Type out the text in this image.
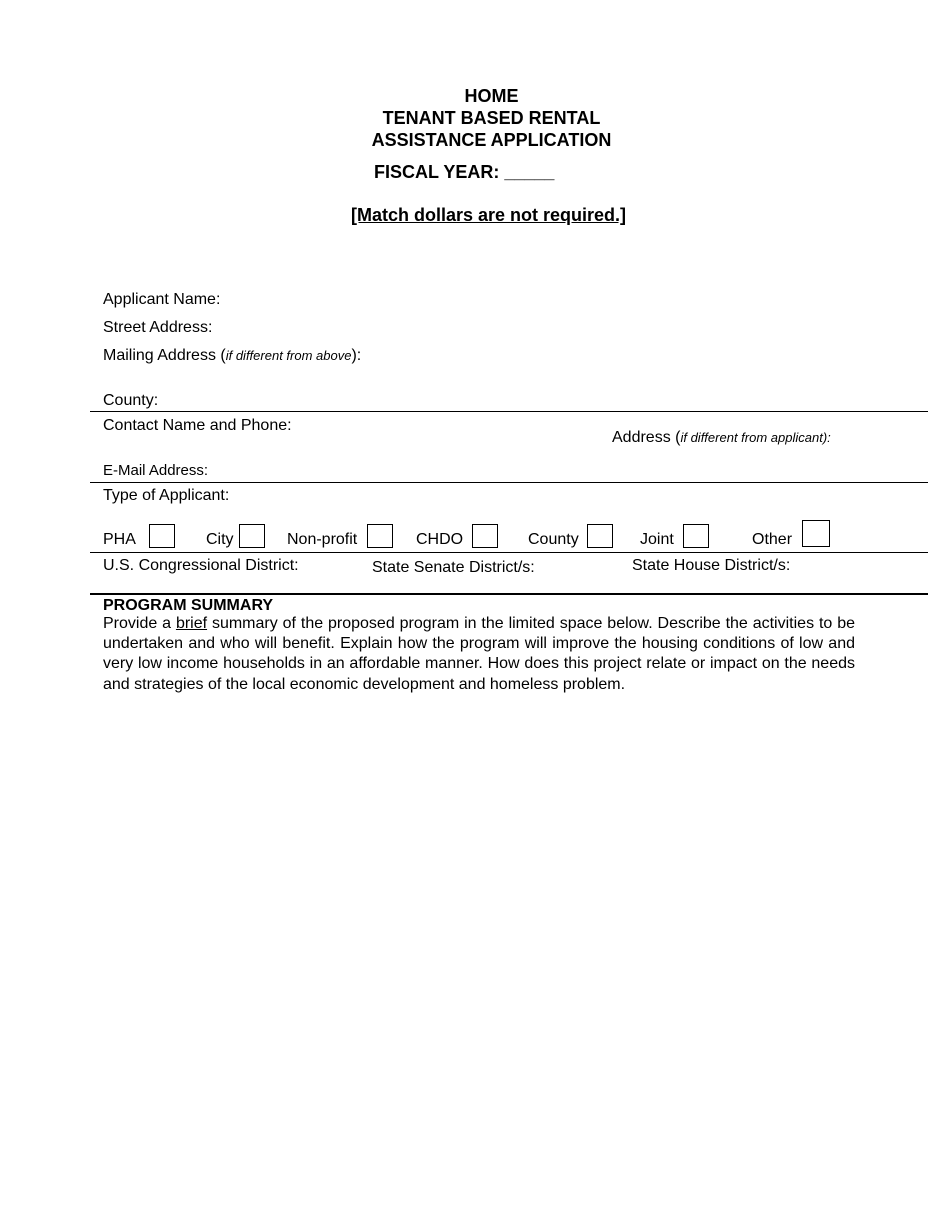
HOME
TENANT BASED RENTAL
ASSISTANCE APPLICATION
FISCAL YEAR: _____
[Match dollars are not required.]
Applicant Name:
Street Address:
Mailing Address (if different from above):
County:
Contact Name and Phone:
Address (if different from applicant):
E-Mail Address:
Type of Applicant:
PHA	City	Non-profit	CHDO	County	Joint	Other
U.S. Congressional District:	State Senate District/s:	State House District/s:
PROGRAM SUMMARY
Provide a brief summary of the proposed program in the limited space below. Describe the activities to be undertaken and who will benefit. Explain how the program will improve the housing conditions of low and very low income households in an affordable manner. How does this project relate or impact on the needs and strategies of the local economic development and homeless problem.
